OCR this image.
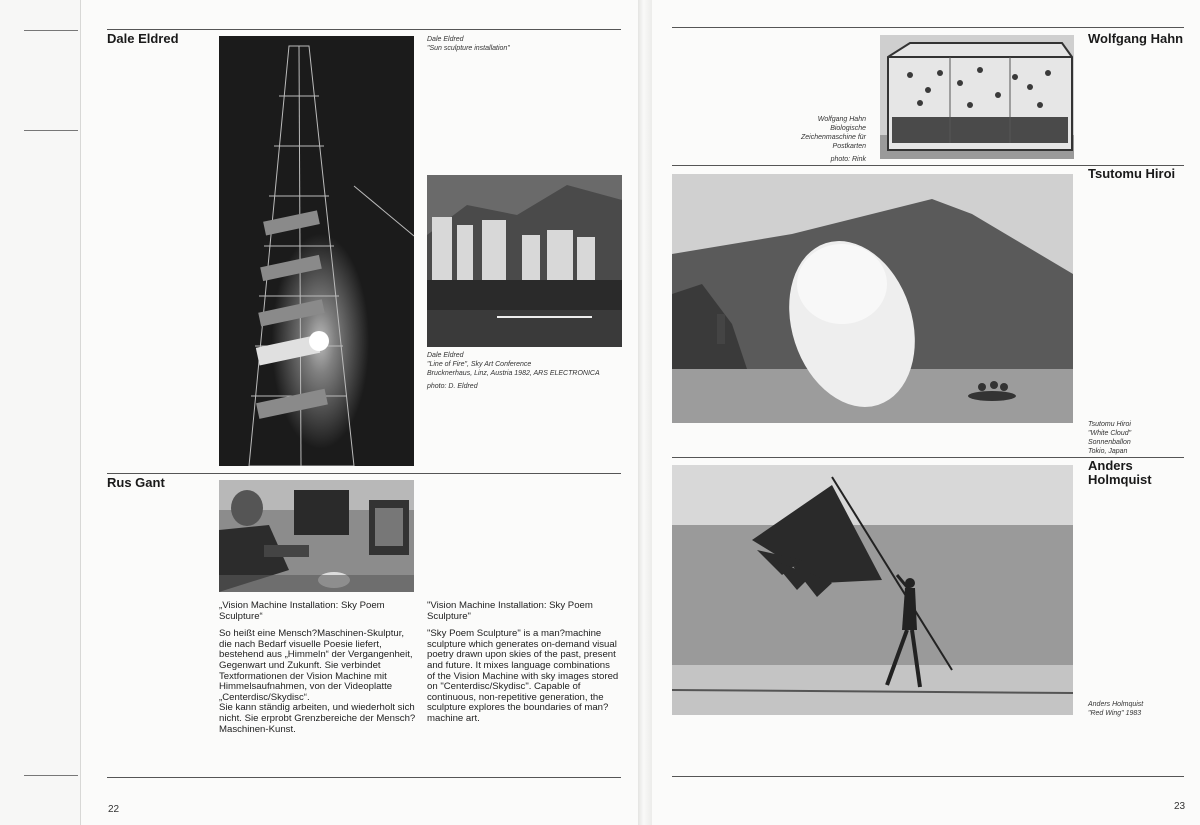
Dale Eldred	Dale Eldred
"Sun sculpture installation"
Dale Eldred
"Line of Fire", Sky Art Conference
Brucknerhaus, Linz, Austria 1982, ARS ELECTRONICA
photo: D. Eldred
Rus Gant
„Vision Machine Installation: Sky Poem Sculpture“
So heißt eine Mensch?Maschinen-Skulptur, die nach Bedarf visuelle Poesie liefert, bestehend aus „Himmeln“ der Vergangenheit, Gegenwart und Zukunft. Sie verbindet Textformationen der Vision Machine mit Himmelsaufnahmen, von der Videoplatte „Centerdisc/Skydisc“.
Sie kann ständig arbeiten, und wiederholt sich nicht. Sie erprobt Grenzbereiche der Mensch?Maschinen-Kunst.
"Vision Machine Installation: Sky Poem Sculpture"
"Sky Poem Sculpture" is a man?machine sculpture which generates on-demand visual poetry drawn upon skies of the past, present and future. It mixes language combinations of the Vision Machine with sky images stored on "Centerdisc/Skydisc". Capable of continuous, non-repetitive generation, the sculpture explores the boundaries of man?machine art.
22
Wolfgang Hahn
Wolfgang Hahn
Biologische
Zeichenmaschine für
Postkarten
photo: Rink
Tsutomu Hiroi
Tsutomu Hiroi
"White Cloud"
Sonnenballon
Tokio, Japan
Anders
Holmquist
Anders Holmquist
"Red Wing" 1983
23
